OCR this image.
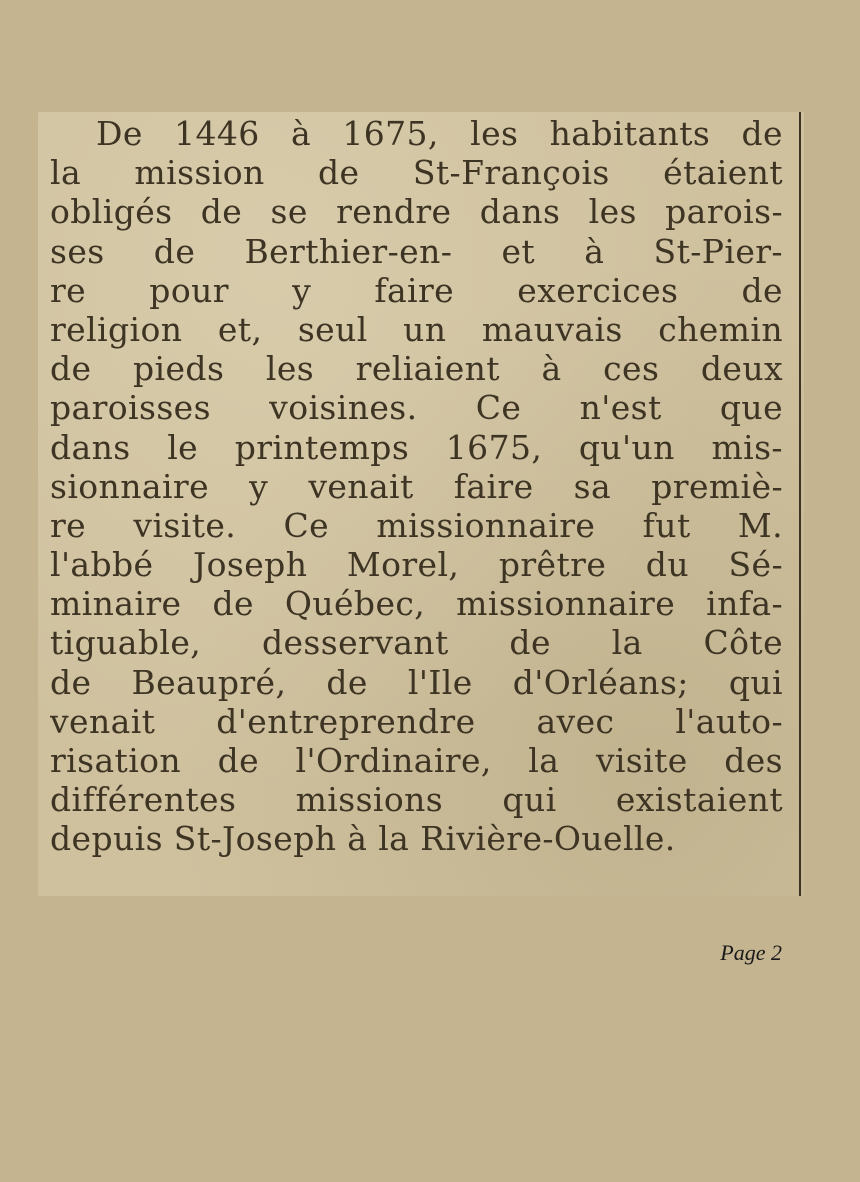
De 1446 à 1675, les habitants de
la mission de St-François étaient
obligés de se rendre dans les parois-
ses de Berthier-en- et à St-Pier-
re pour y faire exercices de
religion et, seul un mauvais chemin
de pieds les reliaient à ces deux
paroisses voisines. Ce n'est que
dans le printemps 1675, qu'un mis-
sionnaire y venait faire sa premiè-
re visite. Ce missionnaire fut M.
l'abbé Joseph Morel, prêtre du Sé-
minaire de Québec, missionnaire infa-
tiguable, desservant de la Côte
de Beaupré, de l'Ile d'Orléans; qui
venait d'entreprendre avec l'auto-
risation de l'Ordinaire, la visite des
différentes missions qui existaient
depuis St-Joseph à la Rivière-Ouelle.
Page 2
